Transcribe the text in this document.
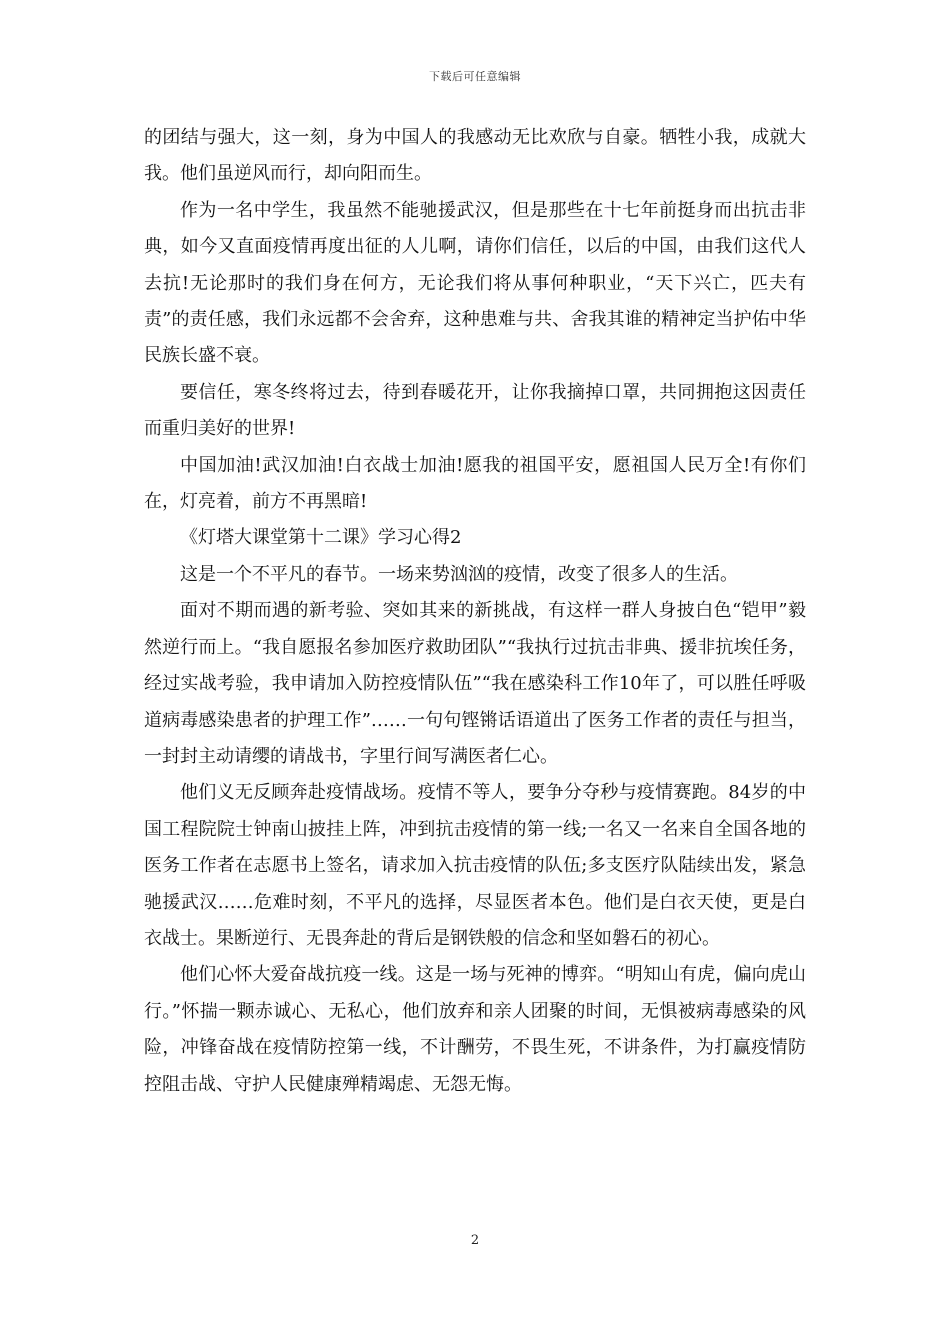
下载后可任意编辑

的团结与强大，这一刻，身为中国人的我感动无比欢欣与自豪。牺牲小我，成就大我。他们虽逆风而行，却向阳而生。

作为一名中学生，我虽然不能驰援武汉，但是那些在十七年前挺身而出抗击非典，如今又直面疫情再度出征的人儿啊，请你们信任，以后的中国，由我们这代人去抗!无论那时的我们身在何方，无论我们将从事何种职业，“天下兴亡，匹夫有责”的责任感，我们永远都不会舍弃，这种患难与共、舍我其谁的精神定当护佑中华民族长盛不衰。

要信任，寒冬终将过去，待到春暖花开，让你我摘掉口罩，共同拥抱这因责任而重归美好的世界!

中国加油!武汉加油!白衣战士加油!愿我的祖国平安，愿祖国人民万全!有你们在，灯亮着，前方不再黑暗!

《灯塔大课堂第十二课》学习心得2

这是一个不平凡的春节。一场来势汹汹的疫情，改变了很多人的生活。

面对不期而遇的新考验、突如其来的新挑战，有这样一群人身披白色“铠甲”毅然逆行而上。“我自愿报名参加医疗救助团队”“我执行过抗击非典、援非抗埃任务，经过实战考验，我申请加入防控疫情队伍”“我在感染科工作10年了，可以胜任呼吸道病毒感染患者的护理工作”……一句句铿锵话语道出了医务工作者的责任与担当，一封封主动请缨的请战书，字里行间写满医者仁心。

他们义无反顾奔赴疫情战场。疫情不等人，要争分夺秒与疫情赛跑。84岁的中国工程院院士钟南山披挂上阵，冲到抗击疫情的第一线;一名又一名来自全国各地的医务工作者在志愿书上签名，请求加入抗击疫情的队伍;多支医疗队陆续出发，紧急驰援武汉……危难时刻，不平凡的选择，尽显医者本色。他们是白衣天使，更是白衣战士。果断逆行、无畏奔赴的背后是钢铁般的信念和坚如磐石的初心。

他们心怀大爱奋战抗疫一线。这是一场与死神的博弈。“明知山有虎，偏向虎山行。”怀揣一颗赤诚心、无私心，他们放弃和亲人团聚的时间，无惧被病毒感染的风险，冲锋奋战在疫情防控第一线，不计酬劳，不畏生死，不讲条件，为打赢疫情防控阻击战、守护人民健康殚精竭虑、无怨无悔。

2
